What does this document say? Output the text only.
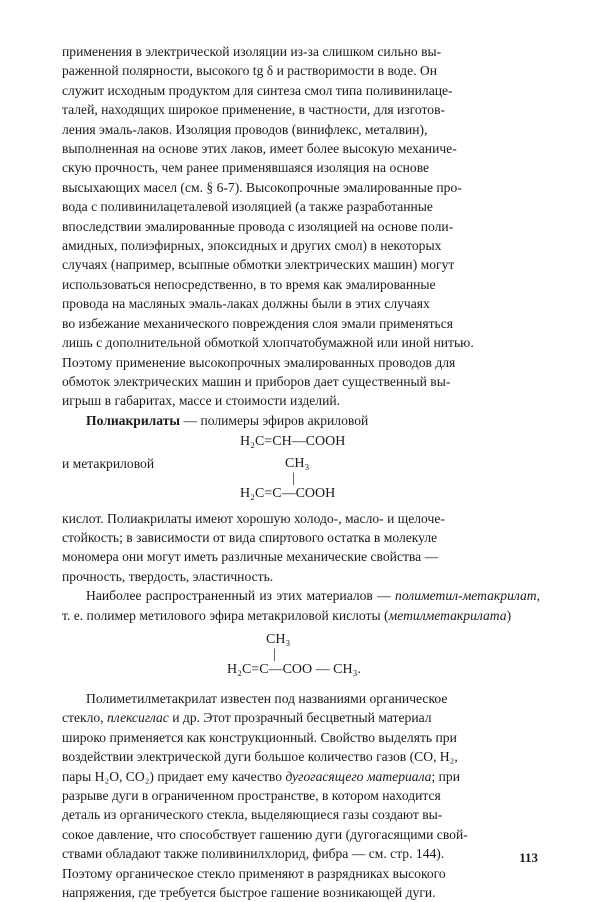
применения в электрической изоляции из-за слишком сильно вы-
раженной полярности, высокого tg δ и растворимости в воде. Он
служит исходным продуктом для синтеза смол типа поливинилаце-
талей, находящих широкое применение, в частности, для изготов-
ления эмаль-лаков. Изоляция проводов (винифлекс, металвин),
выполненная на основе этих лаков, имеет более высокую механиче-
скую прочность, чем ранее применявшаяся изоляция на основе
высыхающих масел (см. § 6-7). Высокопрочные эмалированные про-
вода с поливинилацеталевой изоляцией (а также разработанные
впоследствии эмалированные провода с изоляцией на основе поли-
амидных, полиэфирных, эпоксидных и других смол) в некоторых
случаях (например, всыпные обмотки электрических машин) могут
использоваться непосредственно, в то время как эмалированные
провода на масляных эмаль-лаках должны были в этих случаях
во избежание механического повреждения слоя эмали применяться
лишь с дополнительной обмоткой хлопчатобумажной или иной нитью.
Поэтому применение высокопрочных эмалированных проводов для
обмоток электрических машин и приборов дает существенный вы-
игрыш в габаритах, массе и стоимости изделий.

Полиакрилаты — полимеры эфиров акриловой

H₂C=CH—COOH

и метакриловой	CH₃
|
H₂C=C—COOH

кислот. Полиакрилаты имеют хорошую холодо-, масло- и щелоче-
стойкость; в зависимости от вида спиртового остатка в молекуле
мономера они могут иметь различные механические свойства —
прочность, твердость, эластичность.

Наиболее распространенный из этих материалов — полиметил-метакрилат, т. е. полимер метилового эфира метакриловой кислоты (метилметакрилата)

CH₃
|
H₂C=C—COO — CH₃.

Полиметилметакрилат известен под названиями органическое
стекло, плексиглас и др. Этот прозрачный бесцветный материал
широко применяется как конструкционный. Свойство выделять при
воздействии электрической дуги большое количество газов (CO, H₂,
пары H₂O, CO₂) придает ему качество дугогасящего материала; при
разрыве дуги в ограниченном пространстве, в котором находится
деталь из органического стекла, выделяющиеся газы создают вы-
сокое давление, что способствует гашению дуги (дугогасящими свой-
ствами обладают также поливинилхлорид, фибра — см. стр. 144).
Поэтому органическое стекло применяют в разрядниках высокого
напряжения, где требуется быстрое гашение возникающей дуги.

113
